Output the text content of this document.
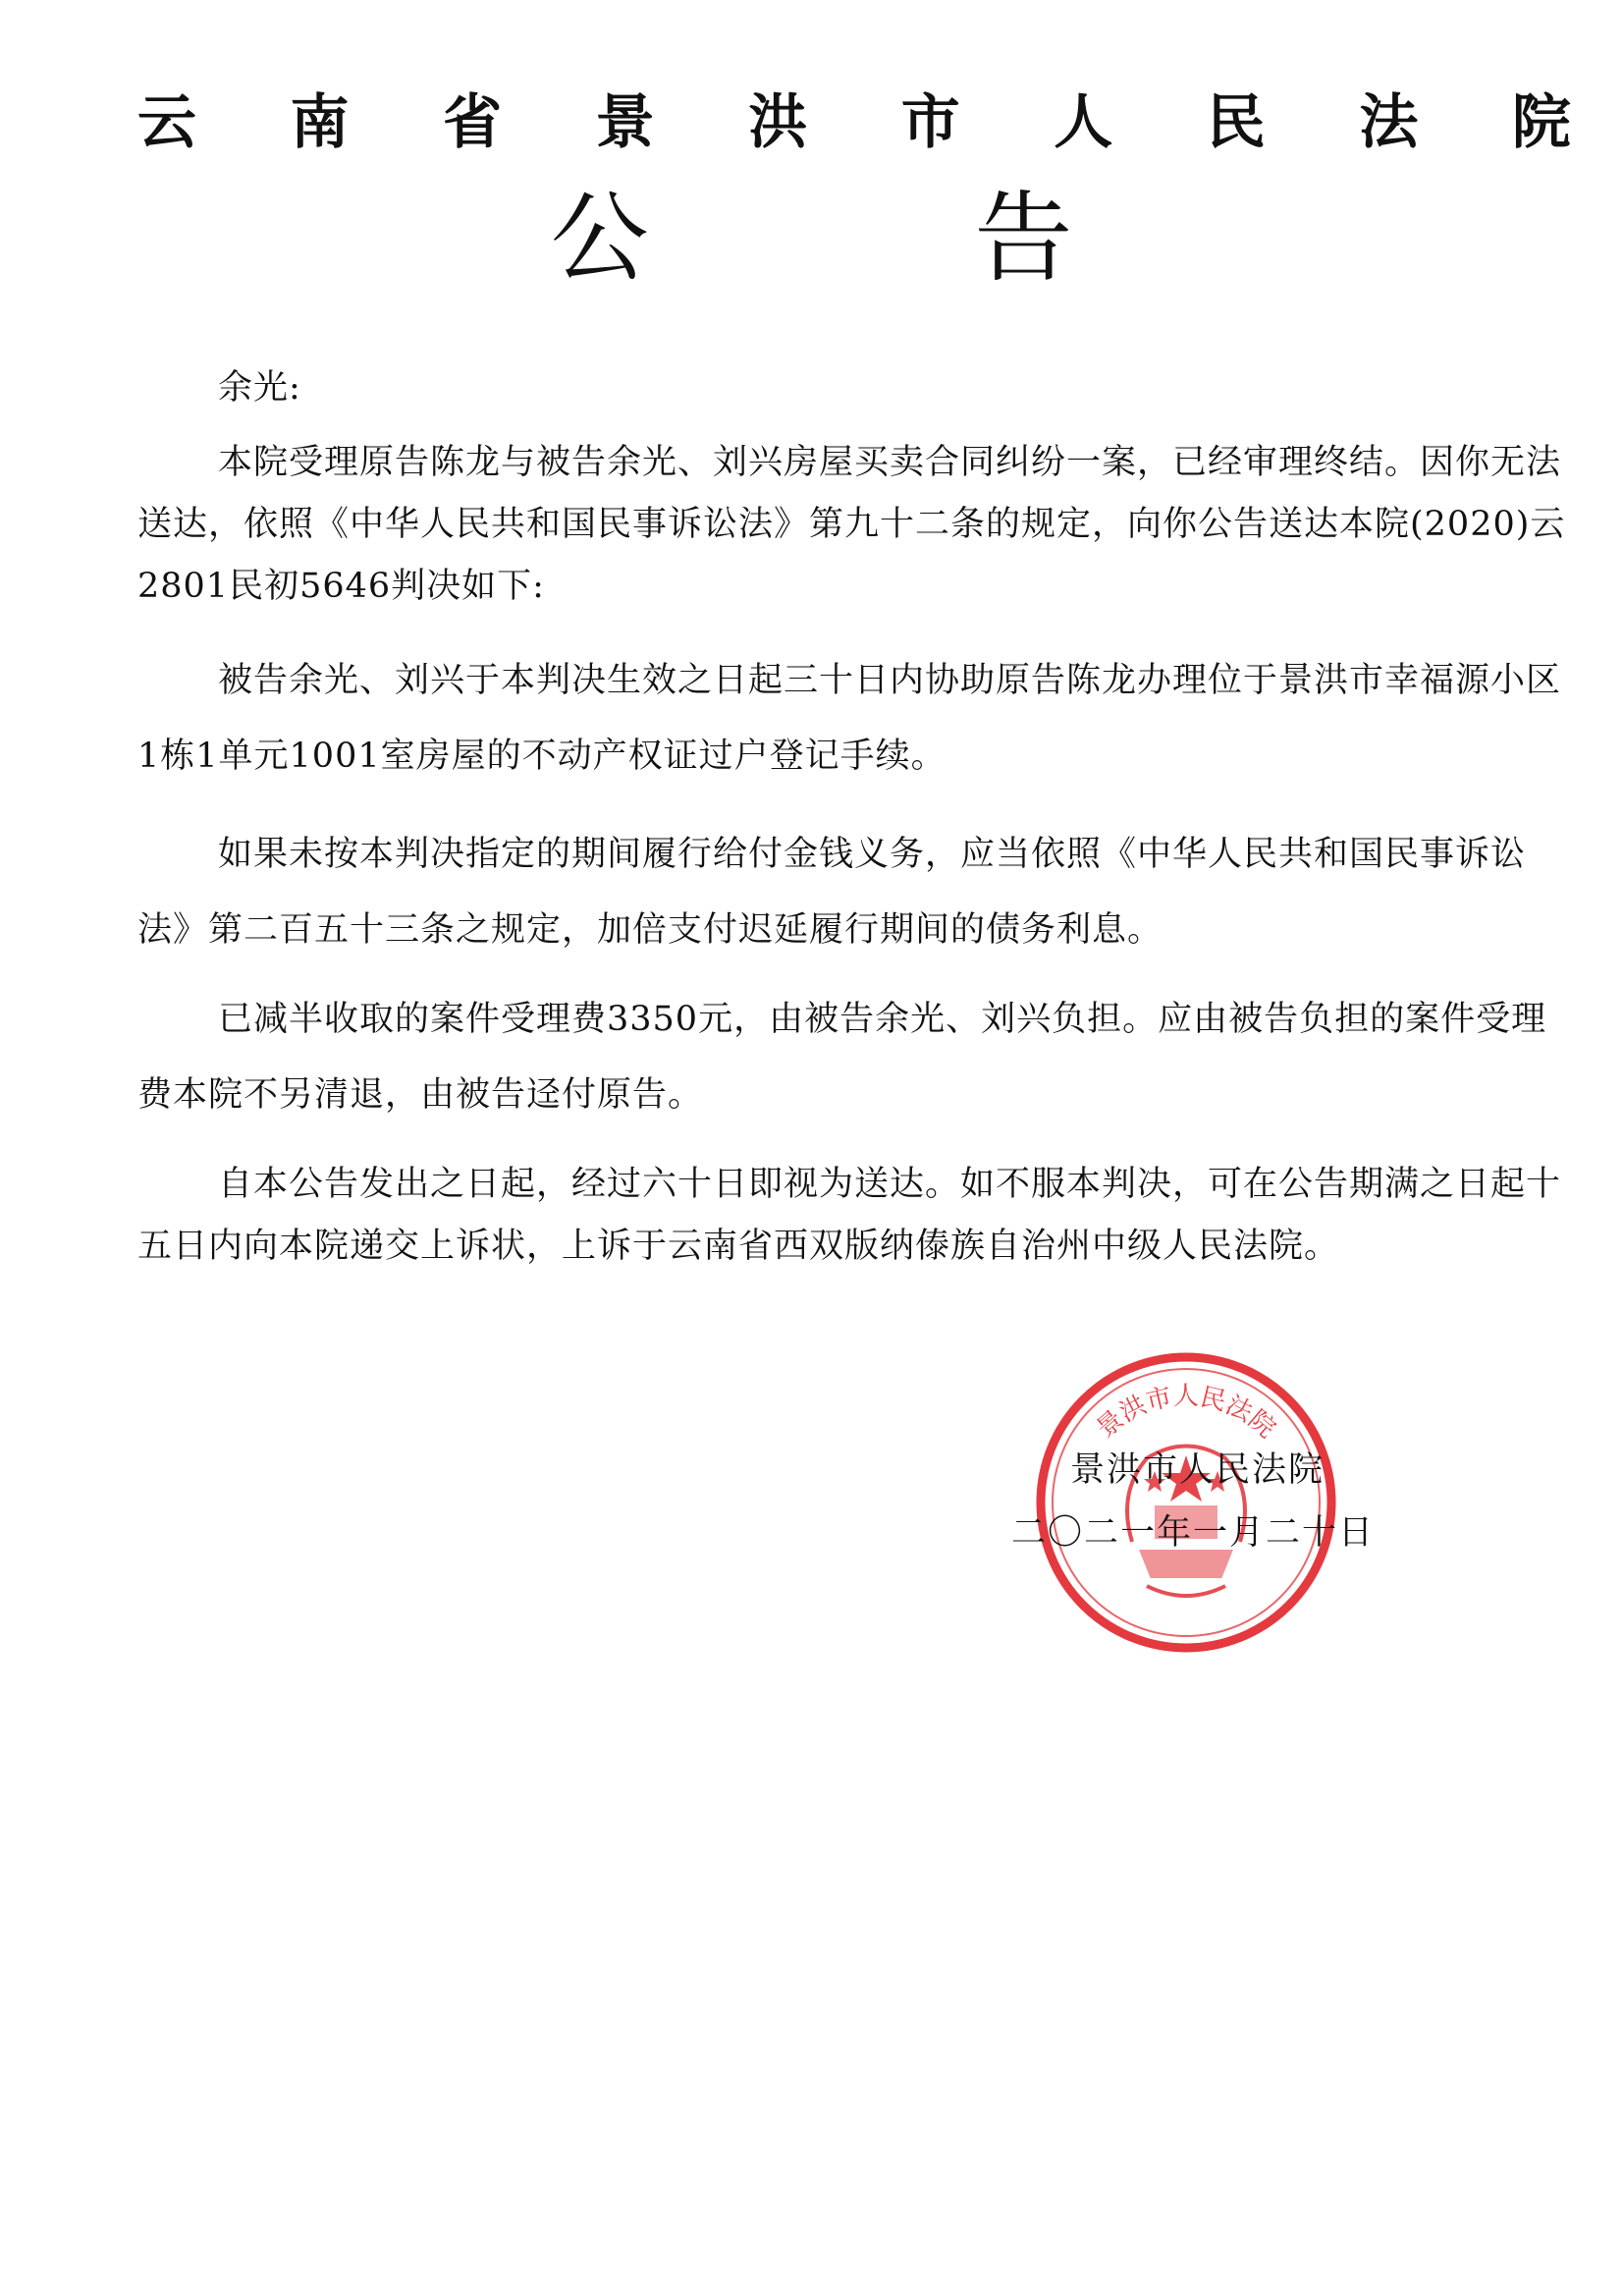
云 南 省 景 洪 市 人 民 法 院
公 告
余光:

本院受理原告陈龙与被告余光、刘兴房屋买卖合同纠纷一案，已经审理终结。因你无法送达，依照《中华人民共和国民事诉讼法》第九十二条的规定，向你公告送达本院(2020)云2801民初5646判决如下:

被告余光、刘兴于本判决生效之日起三十日内协助原告陈龙办理位于景洪市幸福源小区1栋1单元1001室房屋的不动产权证过户登记手续。

如果未按本判决指定的期间履行给付金钱义务，应当依照《中华人民共和国民事诉讼法》第二百五十三条之规定，加倍支付迟延履行期间的债务利息。

已减半收取的案件受理费3350元，由被告余光、刘兴负担。应由被告负担的案件受理费本院不另清退，由被告迳付原告。

自本公告发出之日起，经过六十日即视为送达。如不服本判决，可在公告期满之日起十五日内向本院递交上诉状，上诉于云南省西双版纳傣族自治州中级人民法院。

景洪市人民法院
景洪市人民法院
二〇二一年一月二十日
